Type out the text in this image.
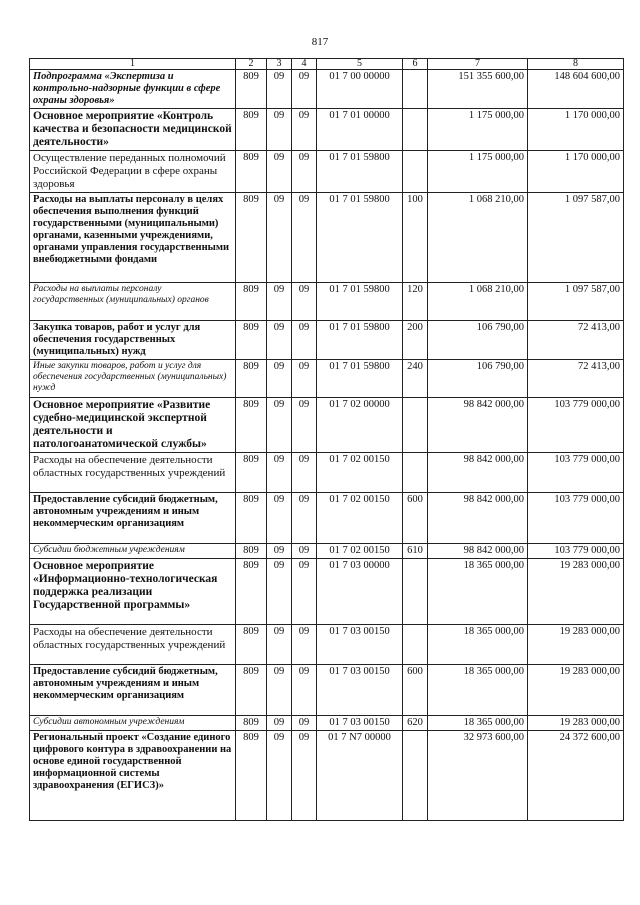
817
1	2	3	4	5	6	7	8
Подпрограмма «Экспертиза и контрольно-надзорные функции в сфере охраны здоровья»	809	09	09	01 7 00 00000		151 355 600,00	148 604 600,00
Основное мероприятие «Контроль качества и безопасности медицинской деятельности»	809	09	09	01 7 01 00000		1 175 000,00	1 170 000,00
Осуществление переданных полномочий Российской Федерации в сфере охраны здоровья	809	09	09	01 7 01 59800		1 175 000,00	1 170 000,00
Расходы на выплаты персоналу в целях обеспечения выполнения функций государственными (муниципальными) органами, казенными учреждениями, органами управления государственными внебюджетными фондами	809	09	09	01 7 01 59800	100	1 068 210,00	1 097 587,00
Расходы на выплаты персоналу государственных (муниципальных) органов	809	09	09	01 7 01 59800	120	1 068 210,00	1 097 587,00
Закупка товаров, работ и услуг для обеспечения государственных (муниципальных) нужд	809	09	09	01 7 01 59800	200	106 790,00	72 413,00
Иные закупки товаров, работ и услуг для обеспечения государственных (муниципальных) нужд	809	09	09	01 7 01 59800	240	106 790,00	72 413,00
Основное мероприятие «Развитие судебно-медицинской экспертной деятельности и патологоанатомической службы»	809	09	09	01 7 02 00000		98 842 000,00	103 779 000,00
Расходы на обеспечение деятельности областных государственных учреждений	809	09	09	01 7 02 00150		98 842 000,00	103 779 000,00
Предоставление субсидий бюджетным, автономным учреждениям и иным некоммерческим организациям	809	09	09	01 7 02 00150	600	98 842 000,00	103 779 000,00
Субсидии бюджетным учреждениям	809	09	09	01 7 02 00150	610	98 842 000,00	103 779 000,00
Основное мероприятие «Информационно-технологическая поддержка реализации Государственной программы»	809	09	09	01 7 03 00000		18 365 000,00	19 283 000,00
Расходы на обеспечение деятельности областных государственных учреждений	809	09	09	01 7 03 00150		18 365 000,00	19 283 000,00
Предоставление субсидий бюджетным, автономным учреждениям и иным некоммерческим организациям	809	09	09	01 7 03 00150	600	18 365 000,00	19 283 000,00
Субсидии автономным учреждениям	809	09	09	01 7 03 00150	620	18 365 000,00	19 283 000,00
Региональный проект «Создание единого цифрового контура в здравоохранении на основе единой государственной информационной системы здравоохранения (ЕГИСЗ)»	809	09	09	01 7 N7 00000		32 973 600,00	24 372 600,00
